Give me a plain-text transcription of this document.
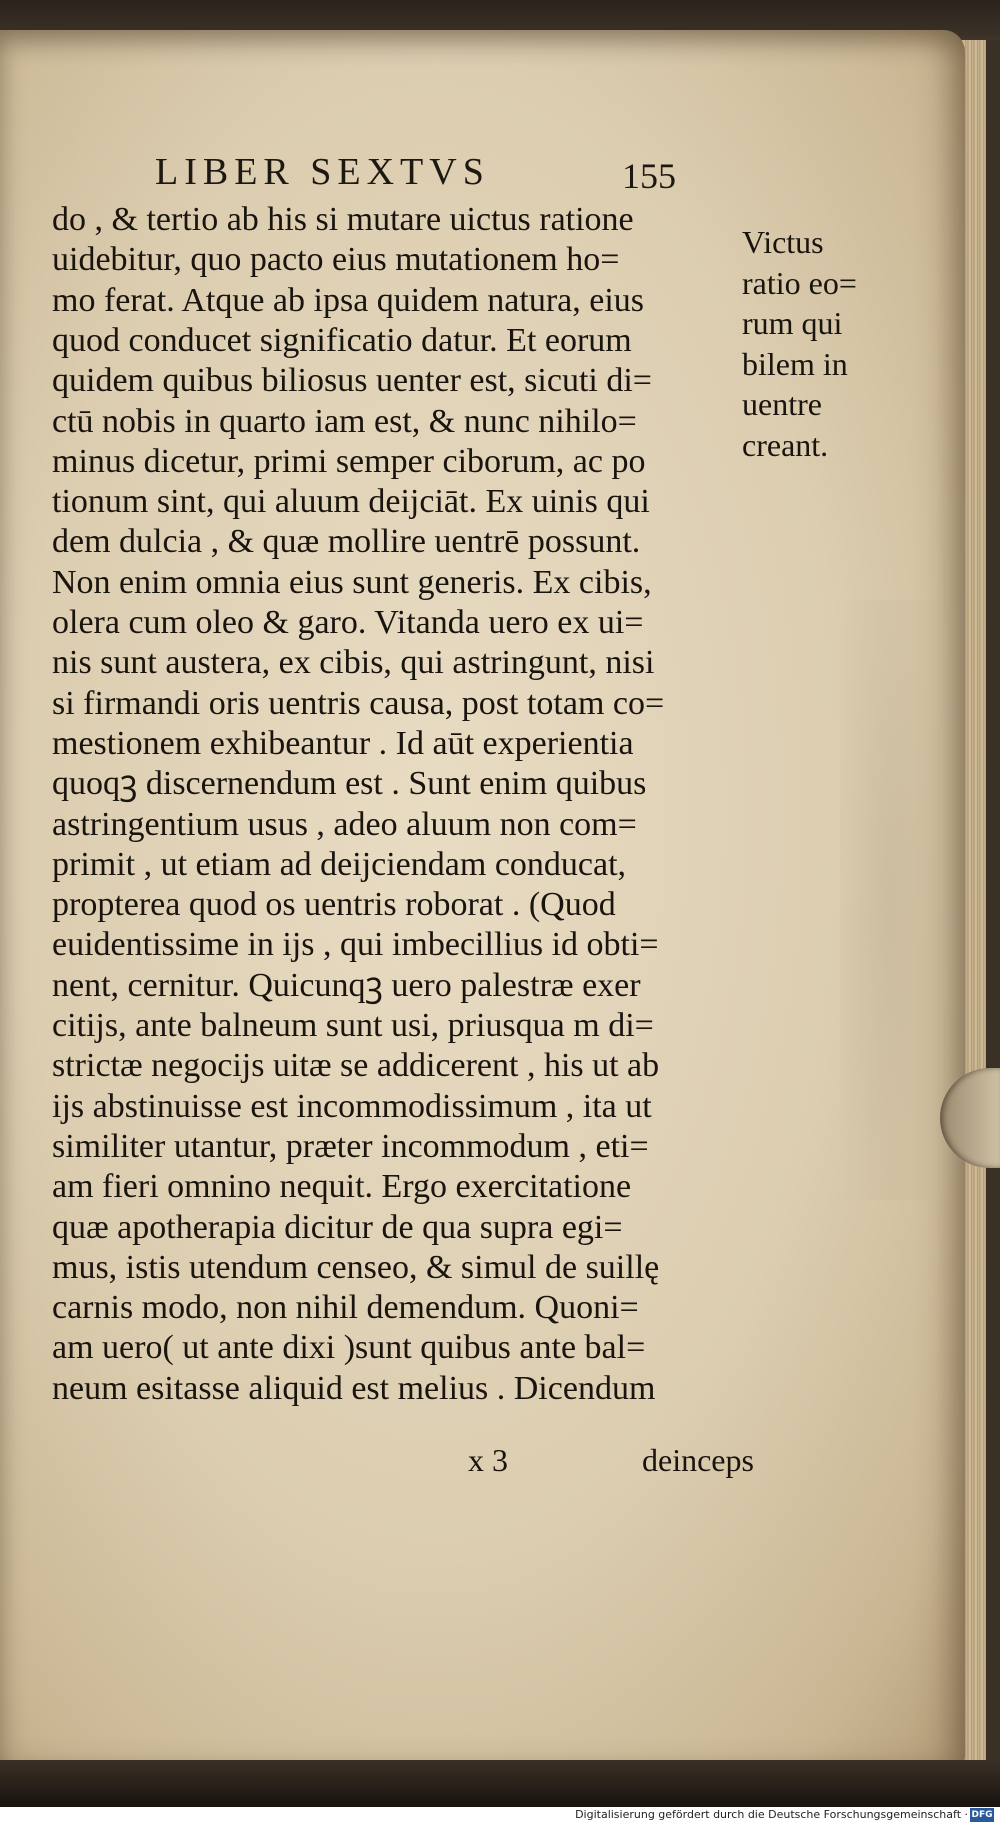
LIBER SEXTVS	155
do , & tertio ab his si mutare uictus ratione
uidebitur, quo pacto eius mutationem ho=
mo ferat. Atque ab ipsa quidem natura, eius
quod conducet significatio datur. Et eorum
quidem quibus biliosus uenter est, sicuti di=
ctū nobis in quarto iam est, & nunc nihilo=
minus dicetur, primi semper ciborum, ac po
tionum sint, qui aluum deijciāt. Ex uinis qui
dem dulcia , & quæ mollire uentrē possunt.
Non enim omnia eius sunt generis. Ex cibis,
olera cum oleo & garo. Vitanda uero ex ui=
nis sunt austera, ex cibis, qui astringunt, nisi
si firmandi oris uentris causa, post totam co=
mestionem exhibeantur . Id aūt experientia
quoqꝫ discernendum est . Sunt enim quibus
astringentium usus , adeo aluum non com=
primit , ut etiam ad deijciendam conducat,
propterea quod os uentris roborat . (Quod
euidentissime in ijs , qui imbecillius id obti=
nent, cernitur. Quicunqꝫ uero palestræ exer
citijs, ante balneum sunt usi, priusqua m di=
strictæ negocijs uitæ se addicerent , his ut ab
ijs abstinuisse est incommodissimum , ita ut
similiter utantur, præter incommodum , eti=
am fieri omnino nequit. Ergo exercitatione
quæ apotherapia dicitur de qua supra egi=
mus, istis utendum censeo, & simul de suillę
carnis modo, non nihil demendum. Quoni=
am uero( ut ante dixi )sunt quibus ante bal=
neum esitasse aliquid est melius . Dicendum
Victus
ratio eo=
rum qui
bilem in
uentre
creant.
x 3	deinceps
Digitalisierung gefördert durch die Deutsche Forschungsgemeinschaft · DFG
